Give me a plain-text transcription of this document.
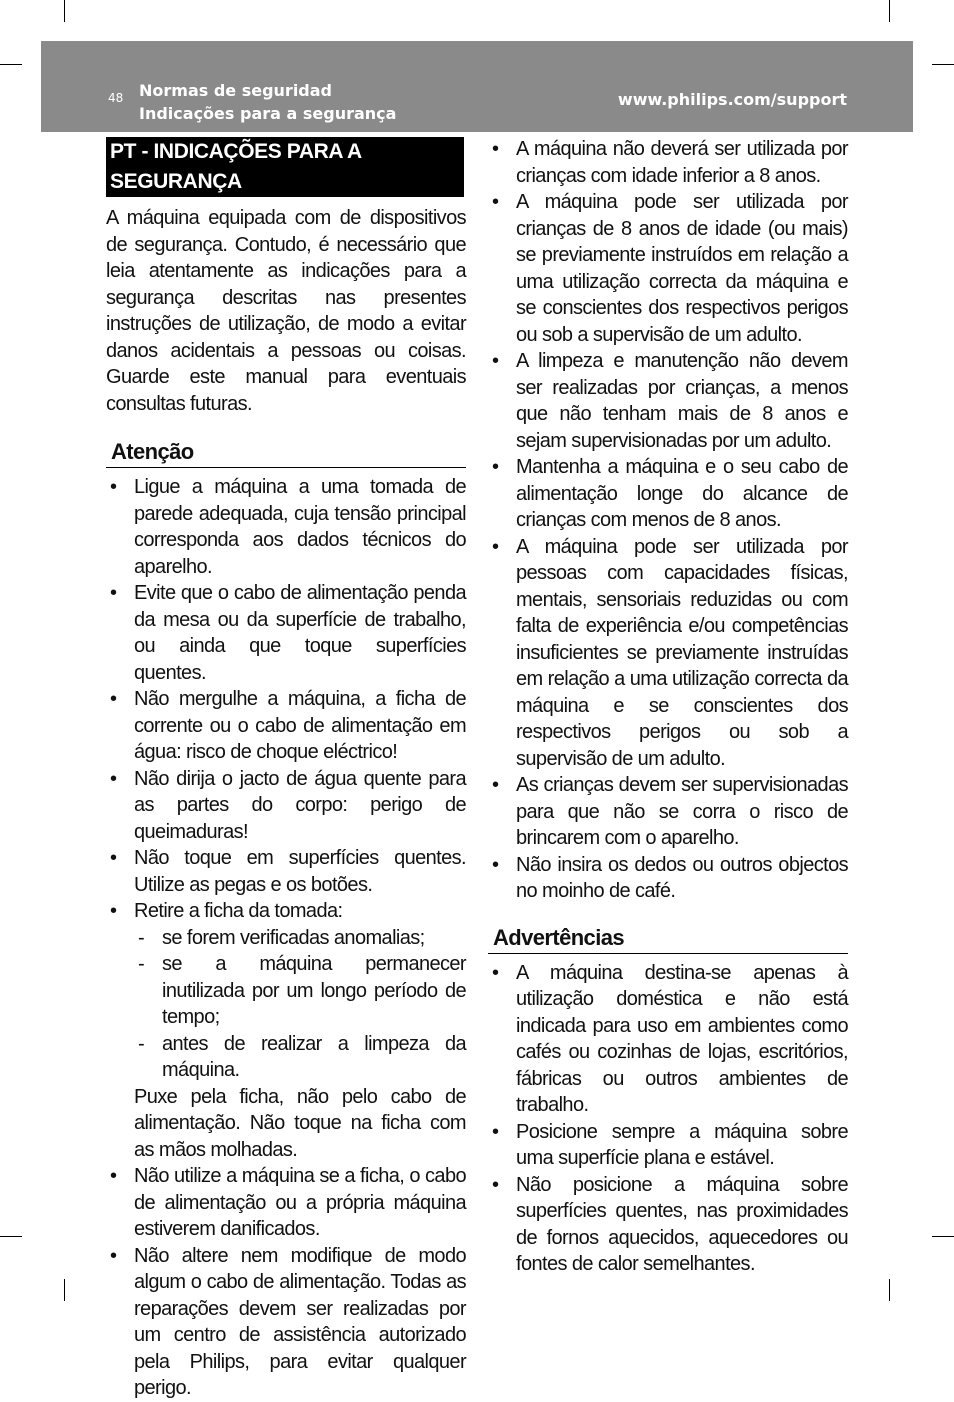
48 Normas de seguridad
Indicações para a segurança
www.philips.com/support
PT - INDICAÇÕES PARA A SEGURANÇA

A máquina equipada com de dispositivos de segurança. Contudo, é necessário que leia atentamente as indicações para a segurança descritas nas presentes instruções de utilização, de modo a evitar danos acidentais a pessoas ou coisas. Guarde este manual para eventuais consultas futuras.

Atenção
• Ligue a máquina a uma tomada de parede adequada, cuja tensão principal corresponda aos dados técnicos do aparelho.
• Evite que o cabo de alimentação penda da mesa ou da superfície de trabalho, ou ainda que toque superfícies quentes.
• Não mergulhe a máquina, a ficha de corrente ou o cabo de alimentação em água: risco de choque eléctrico!
• Não dirija o jacto de água quente para as partes do corpo: perigo de queimaduras!
• Não toque em superfícies quentes. Utilize as pegas e os botões.
• Retire a ficha da tomada:
- se forem verificadas anomalias;
- se a máquina permanecer inutilizada por um longo período de tempo;
- antes de realizar a limpeza da máquina.
Puxe pela ficha, não pelo cabo de alimentação. Não toque na ficha com as mãos molhadas.
• Não utilize a máquina se a ficha, o cabo de alimentação ou a própria máquina estiverem danificados.
• Não altere nem modifique de modo algum o cabo de alimentação. Todas as reparações devem ser realizadas por um centro de assistência autorizado pela Philips, para evitar qualquer perigo.
• A máquina não deverá ser utilizada por crianças com idade inferior a 8 anos.
• A máquina pode ser utilizada por crianças de 8 anos de idade (ou mais) se previamente instruídos em relação a uma utilização correcta da máquina e se conscientes dos respectivos perigos ou sob a supervisão de um adulto.
• A limpeza e manutenção não devem ser realizadas por crianças, a menos que não tenham mais de 8 anos e sejam supervisionadas por um adulto.
• Mantenha a máquina e o seu cabo de alimentação longe do alcance de crianças com menos de 8 anos.
• A máquina pode ser utilizada por pessoas com capacidades físicas, mentais, sensoriais reduzidas ou com falta de experiência e/ou competências insuficientes se previamente instruídas em relação a uma utilização correcta da máquina e se conscientes dos respectivos perigos ou sob a supervisão de um adulto.
• As crianças devem ser supervisionadas para que não se corra o risco de brincarem com o aparelho.
• Não insira os dedos ou outros objectos no moinho de café.
Advertências
• A máquina destina-se apenas à utilização doméstica e não está indicada para uso em ambientes como cafés ou cozinhas de lojas, escritórios, fábricas ou outros ambientes de trabalho.
• Posicione sempre a máquina sobre uma superfície plana e estável.
• Não posicione a máquina sobre superfícies quentes, nas proximidades de fornos aquecidos, aquecedores ou fontes de calor semelhantes.
